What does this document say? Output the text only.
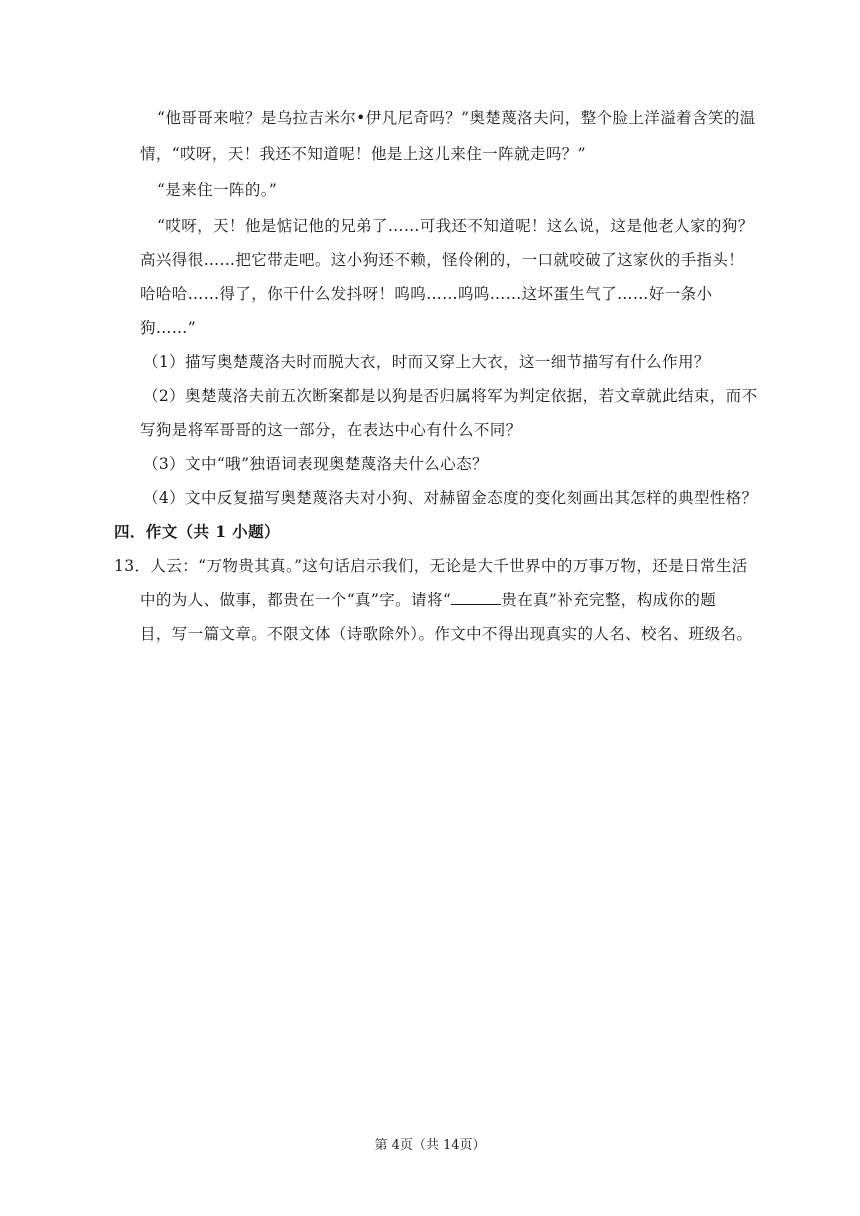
“他哥哥来啦？是乌拉吉米尔•伊凡尼奇吗？”奥楚蔑洛夫问，整个脸上洋溢着含笑的温
情，“哎呀，天！我还不知道呢！他是上这儿来住一阵就走吗？”
“是来住一阵的。”
“哎呀，天！他是惦记他的兄弟了……可我还不知道呢！这么说，这是他老人家的狗？
高兴得很……把它带走吧。这小狗还不赖，怪伶俐的，一口就咬破了这家伙的手指头！
哈哈哈……得了，你干什么发抖呀！呜呜……呜呜……这坏蛋生气了……好一条小
狗……”
（1）描写奥楚蔑洛夫时而脱大衣，时而又穿上大衣，这一细节描写有什么作用？
（2）奥楚蔑洛夫前五次断案都是以狗是否归属将军为判定依据，若文章就此结束，而不
写狗是将军哥哥的这一部分，在表达中心有什么不同？
（3）文中“哦”独语词表现奥楚蔑洛夫什么心态？
（4）文中反复描写奥楚蔑洛夫对小狗、对赫留金态度的变化刻画出其怎样的典型性格？
四．作文（共 1 小题）
13．人云：“万物贵其真。”这句话启示我们，无论是大千世界中的万事万物，还是日常生活
中的为人、做事，都贵在一个“真”字。请将“	贵在真”补充完整，构成你的题
目，写一篇文章。不限文体（诗歌除外）。作文中不得出现真实的人名、校名、班级名。
第 4页（共 14页）
